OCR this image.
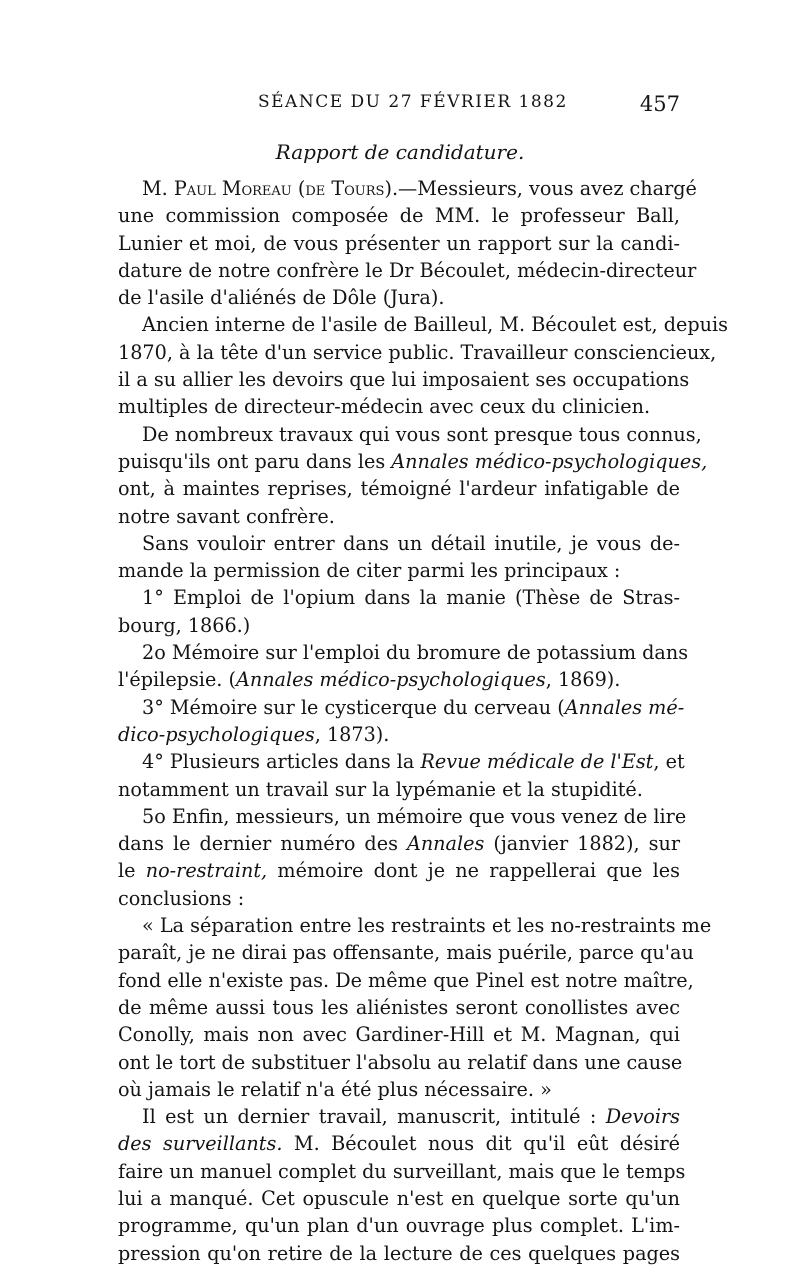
SÉANCE DU 27 FÉVRIER 1882	457
Rapport de candidature.
M. Paul Moreau (de Tours).—Messieurs, vous avez chargé
une commission composée de MM. le professeur Ball,
Lunier et moi, de vous présenter un rapport sur la candi-
dature de notre confrère le Dr Bécoulet, médecin-directeur
de l'asile d'aliénés de Dôle (Jura).
Ancien interne de l'asile de Bailleul, M. Bécoulet est, depuis
1870, à la tête d'un service public. Travailleur consciencieux,
il a su allier les devoirs que lui imposaient ses occupations
multiples de directeur-médecin avec ceux du clinicien.
De nombreux travaux qui vous sont presque tous connus,
puisqu'ils ont paru dans les Annales médico-psychologiques,
ont, à maintes reprises, témoigné l'ardeur infatigable de
notre savant confrère.
Sans vouloir entrer dans un détail inutile, je vous de-
mande la permission de citer parmi les principaux :
1° Emploi de l'opium dans la manie (Thèse de Stras-
bourg, 1866.)
2o Mémoire sur l'emploi du bromure de potassium dans
l'épilepsie. (Annales médico-psychologiques, 1869).
3° Mémoire sur le cysticerque du cerveau (Annales mé-
dico-psychologiques, 1873).
4° Plusieurs articles dans la Revue médicale de l'Est, et
notamment un travail sur la lypémanie et la stupidité.
5o Enfin, messieurs, un mémoire que vous venez de lire
dans le dernier numéro des Annales (janvier 1882), sur
le no-restraint, mémoire dont je ne rappellerai que les
conclusions :
« La séparation entre les restraints et les no-restraints me
paraît, je ne dirai pas offensante, mais puérile, parce qu'au
fond elle n'existe pas. De même que Pinel est notre maître,
de même aussi tous les aliénistes seront conollistes avec
Conolly, mais non avec Gardiner-Hill et M. Magnan, qui
ont le tort de substituer l'absolu au relatif dans une cause
où jamais le relatif n'a été plus nécessaire. »
Il est un dernier travail, manuscrit, intitulé : Devoirs
des surveillants. M. Bécoulet nous dit qu'il eût désiré
faire un manuel complet du surveillant, mais que le temps
lui a manqué. Cet opuscule n'est en quelque sorte qu'un
programme, qu'un plan d'un ouvrage plus complet. L'im-
pression qu'on retire de la lecture de ces quelques pages
